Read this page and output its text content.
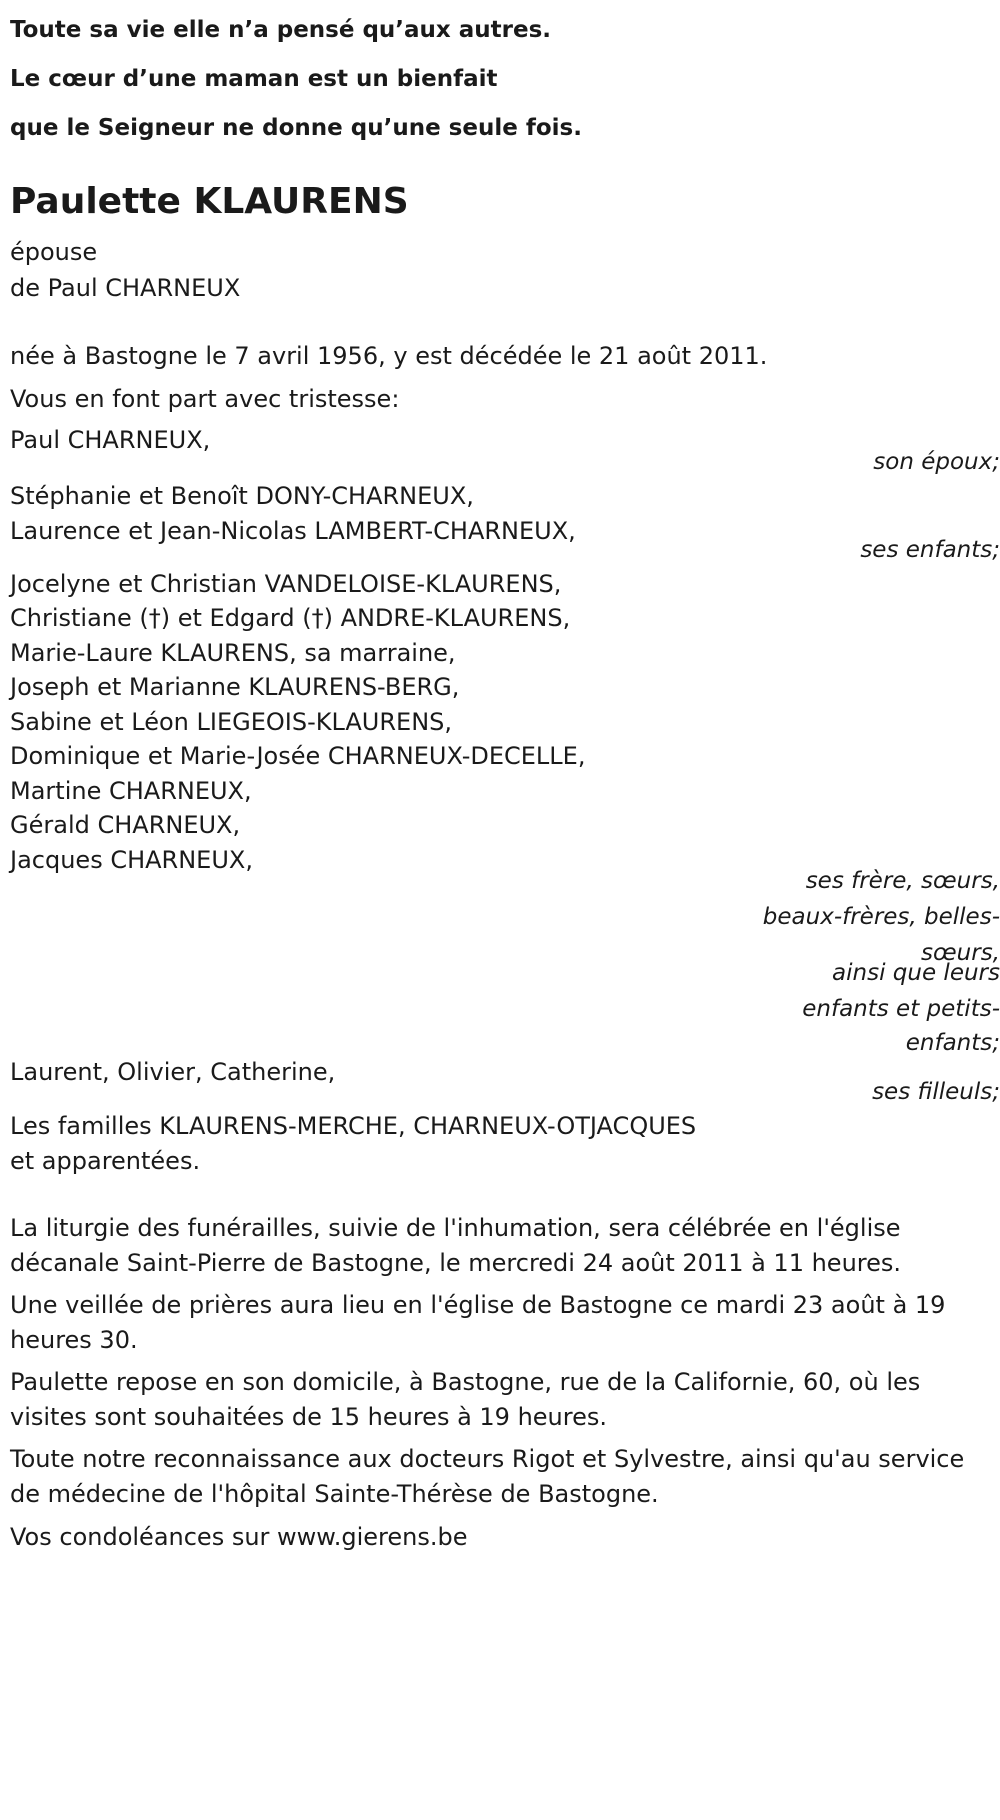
Toute sa vie elle n’a pensé qu’aux autres.
Le cœur d’une maman est un bienfait
que le Seigneur ne donne qu’une seule fois.
Paulette KLAURENS
épouse
de Paul CHARNEUX
née à Bastogne le 7 avril 1956, y est décédée le 21 août 2011.
Vous en font part avec tristesse:
Paul CHARNEUX,
son époux;
Stéphanie et Benoît DONY-CHARNEUX,
Laurence et Jean-Nicolas LAMBERT-CHARNEUX,
ses enfants;
Jocelyne et Christian VANDELOISE-KLAURENS,
Christiane (†) et Edgard (†) ANDRE-KLAURENS,
Marie-Laure KLAURENS, sa marraine,
Joseph et Marianne KLAURENS-BERG,
Sabine et Léon LIEGEOIS-KLAURENS,
Dominique et Marie-Josée CHARNEUX-DECELLE,
Martine CHARNEUX,
Gérald CHARNEUX,
Jacques CHARNEUX,
ses frère, sœurs,
beaux-frères, belles-
sœurs,
ainsi que leurs
enfants et petits-
enfants;
Laurent, Olivier, Catherine,
ses filleuls;
Les familles KLAURENS-MERCHE, CHARNEUX-OTJACQUES
et apparentées.
La liturgie des funérailles, suivie de l'inhumation, sera célébrée en l'église décanale Saint-Pierre de Bastogne, le mercredi 24 août 2011 à 11 heures.
Une veillée de prières aura lieu en l'église de Bastogne ce mardi 23 août à 19 heures 30.
Paulette repose en son domicile, à Bastogne, rue de la Californie, 60, où les visites sont souhaitées de 15 heures à 19 heures.
Toute notre reconnaissance aux docteurs Rigot et Sylvestre, ainsi qu'au service de médecine de l'hôpital Sainte-Thérèse de Bastogne.
Vos condoléances sur www.gierens.be
